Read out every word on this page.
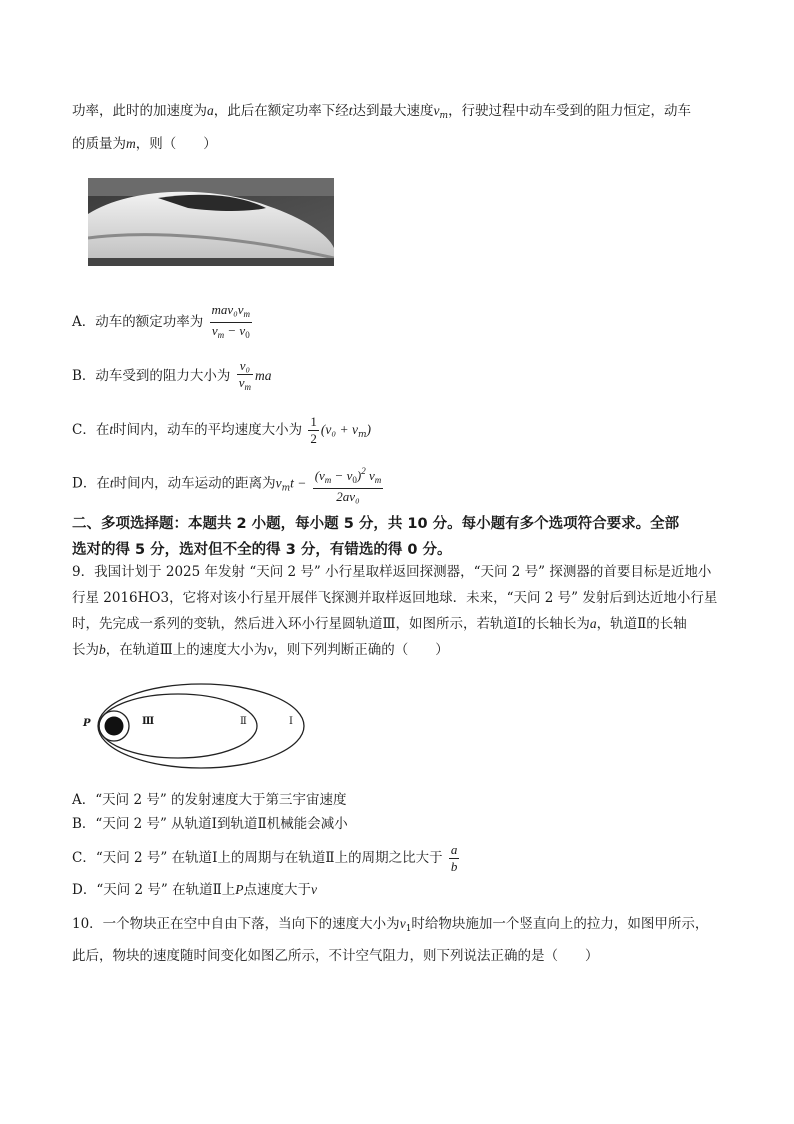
功率，此时的加速度为a，此后在额定功率下经t达到最大速度$v_m$，行驶过程中动车受到的阻力恒定，动车
的质量为m，则（　　）
A．动车的额定功率为 $\frac{mav_0v_m}{v_m - v_0}$
B．动车受到的阻力大小为 $\frac{\text{v₀}}{v_m}$ ma
C．在t时间内，动车的平均速度大小为 $\frac{1}{2} (v_0 + v_m)$
D．在t时间内，动车运动的距离为$v_mt - \frac{(v_m - v_0)^2 v_m}{\text{2av₀}}$
二、多项选择题：本题共 2 小题，每小题 5 分，共 10 分。每小题有多个选项符合要求。全部
选对的得 5 分，选对但不全的得 3 分，有错选的得 0 分。
9．我国计划于 2025 年发射 “天问 2 号” 小行星取样返回探测器，“天问 2 号” 探测器的首要目标是近地小
行星 2016HO3，它将对该小行星开展伴飞探测并取样返回地球．未来，“天问 2 号” 发射后到达近地小行星
时，先完成一系列的变轨，然后进入环小行星圆轨道Ⅲ，如图所示，若轨道Ⅰ的长轴长为a，轨道Ⅱ的长轴
长为b，在轨道Ⅲ上的速度大小为v，则下列判断正确的（　　）
P	Ⅲ	Ⅱ	Ⅰ
A．“天问 2 号” 的发射速度大于第三宇宙速度
B．“天问 2 号” 从轨道Ⅰ到轨道Ⅱ机械能会减小
C．“天问 2 号” 在轨道Ⅰ上的周期与在轨道Ⅱ上的周期之比大于 $\frac{a}{b}$
D．“天问 2 号” 在轨道Ⅱ上P点速度大于v
10．一个物块正在空中自由下落，当向下的速度大小为$v_1$时给物块施加一个竖直向上的拉力，如图甲所示，
此后，物块的速度随时间变化如图乙所示，不计空气阻力，则下列说法正确的是（　　）
